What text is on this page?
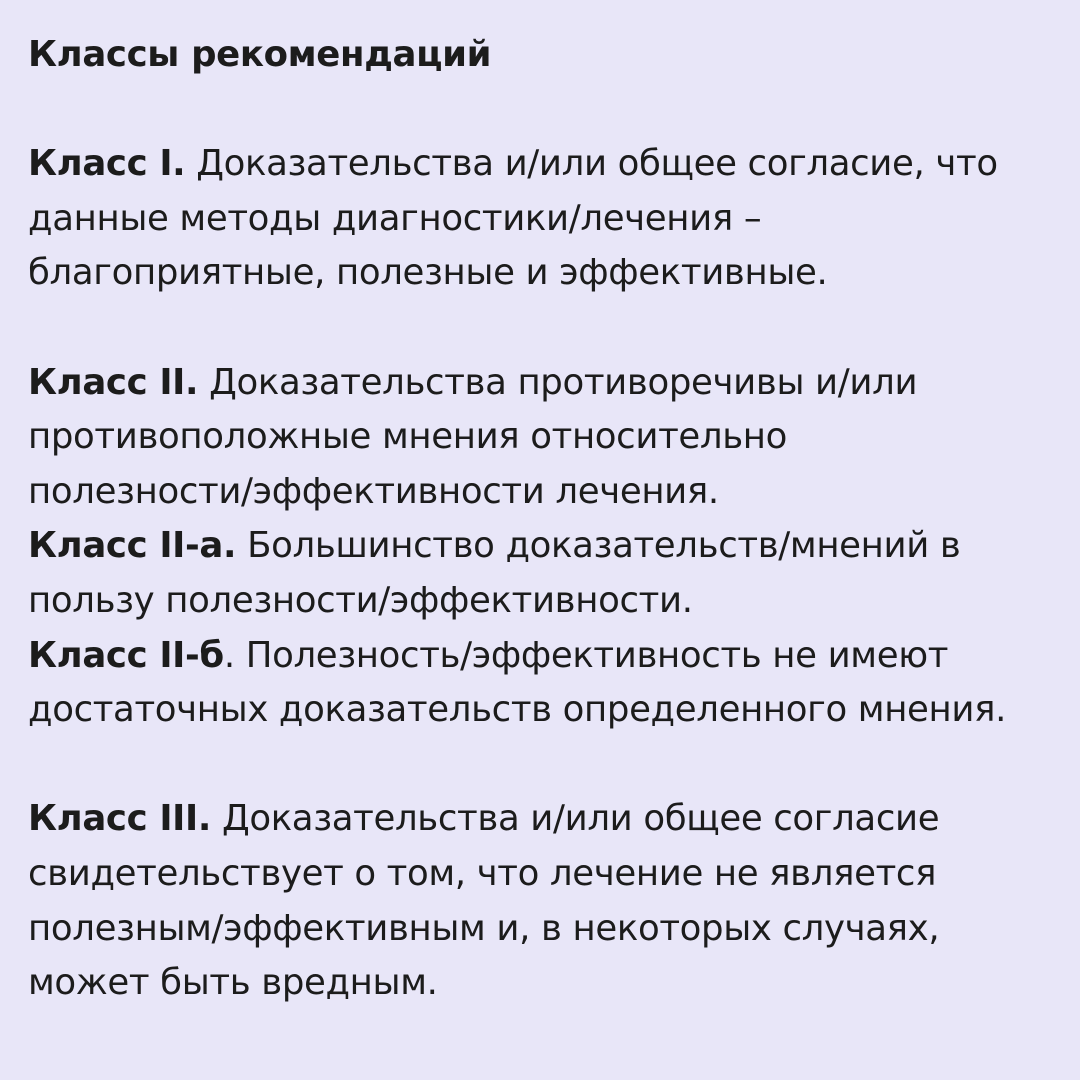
Классы рекомендаций
Класс I. Доказательства и/или общее согласие, что
данные методы диагностики/лечения –
благоприятные, полезные и эффективные.
Класс II. Доказательства противоречивы и/или
противоположные мнения относительно
полезности/эффективности лечения.
Класс II-а. Большинство доказательств/мнений в
пользу полезности/эффективности.
Класс II-б. Полезность/эффективность не имеют
достаточных доказательств определенного мнения.
Класс III. Доказательства и/или общее согласие
свидетельствует о том, что лечение не является
полезным/эффективным и, в некоторых случаях,
может быть вредным.
